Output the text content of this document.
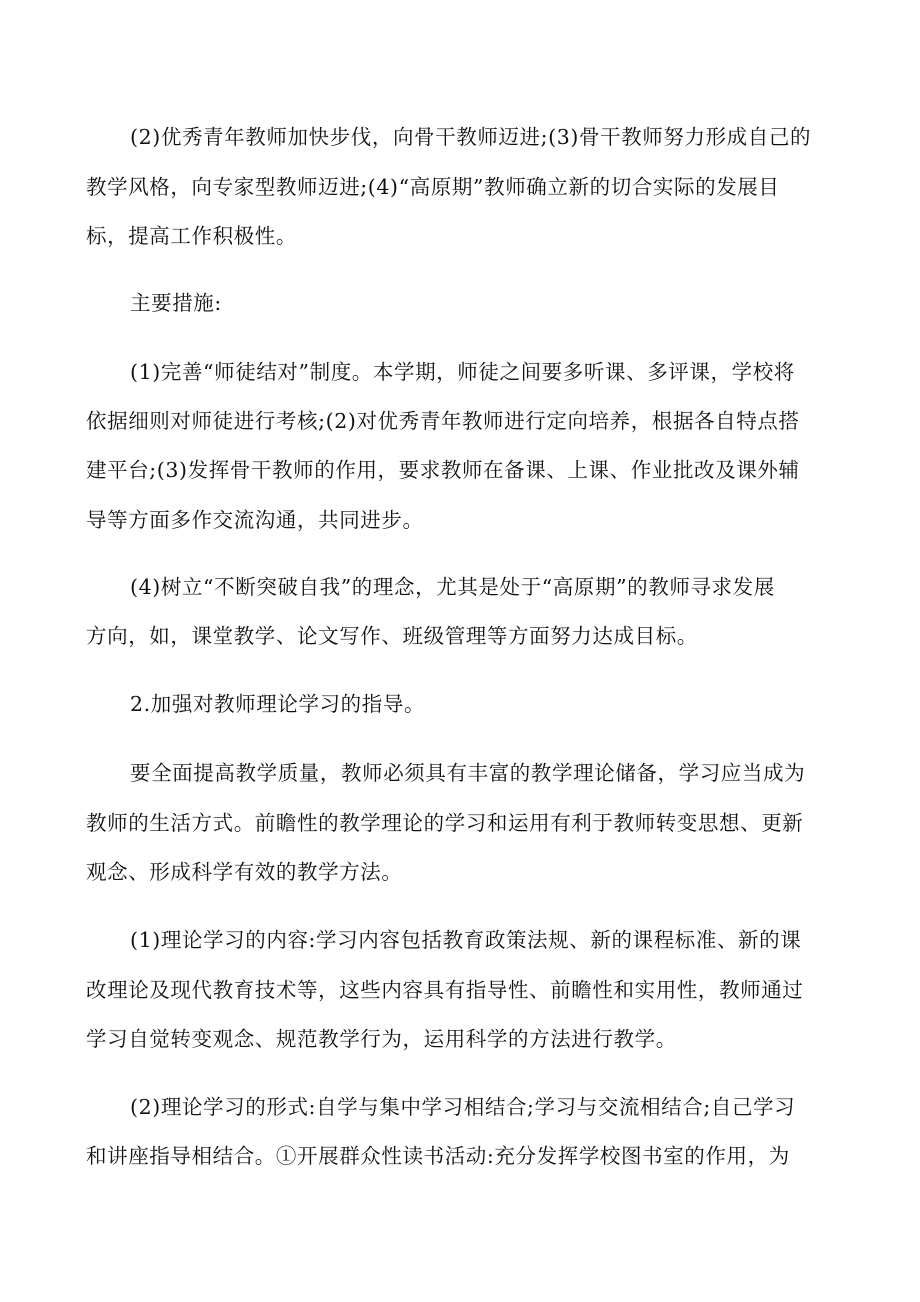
(2)优秀青年教师加快步伐，向骨干教师迈进;(3)骨干教师努力形成自己的
教学风格，向专家型教师迈进;(4)“高原期”教师确立新的切合实际的发展目
标，提高工作积极性。
主要措施:
(1)完善“师徒结对”制度。本学期，师徒之间要多听课、多评课，学校将
依据细则对师徒进行考核;(2)对优秀青年教师进行定向培养，根据各自特点搭
建平台;(3)发挥骨干教师的作用，要求教师在备课、上课、作业批改及课外辅
导等方面多作交流沟通，共同进步。
(4)树立“不断突破自我”的理念，尤其是处于“高原期”的教师寻求发展
方向，如，课堂教学、论文写作、班级管理等方面努力达成目标。
2.加强对教师理论学习的指导。
要全面提高教学质量，教师必须具有丰富的教学理论储备，学习应当成为
教师的生活方式。前瞻性的教学理论的学习和运用有利于教师转变思想、更新
观念、形成科学有效的教学方法。
(1)理论学习的内容:学习内容包括教育政策法规、新的课程标准、新的课
改理论及现代教育技术等，这些内容具有指导性、前瞻性和实用性，教师通过
学习自觉转变观念、规范教学行为，运用科学的方法进行教学。
(2)理论学习的形式:自学与集中学习相结合;学习与交流相结合;自己学习
和讲座指导相结合。①开展群众性读书活动:充分发挥学校图书室的作用，为
